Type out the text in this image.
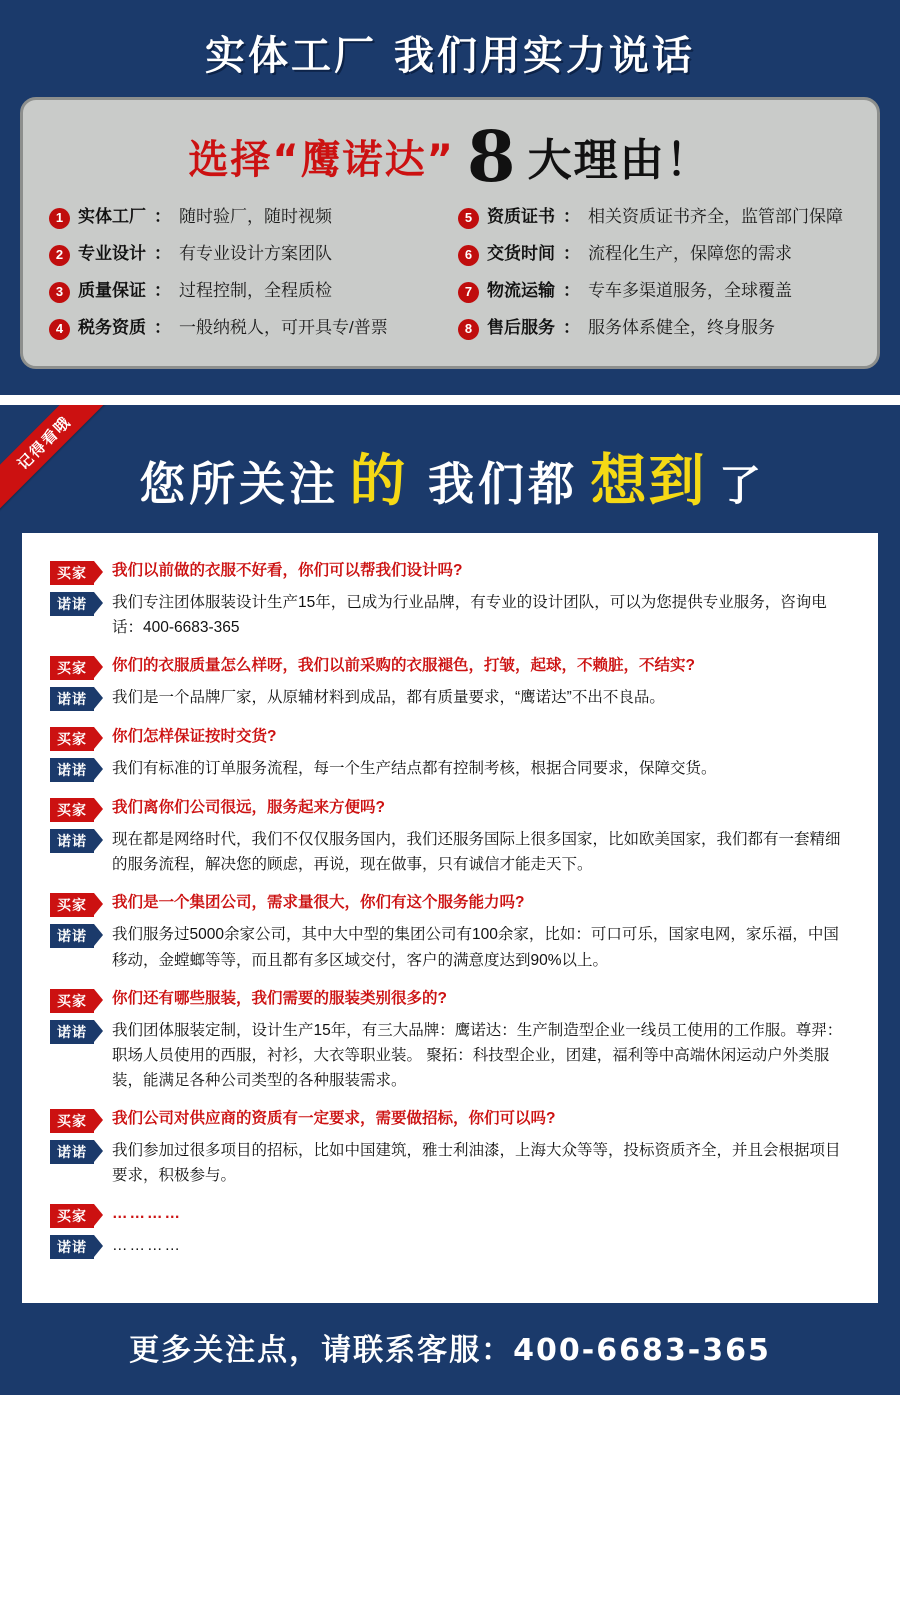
实体工厂 我们用实力说话
选择“鹰诺达” 8 大理由！
1 实体工厂 ： 随时验厂，随时视频	5 资质证书 ： 相关资质证书齐全，监管部门保障
2 专业设计 ： 有专业设计方案团队	6 交货时间 ： 流程化生产，保障您的需求
3 质量保证 ： 过程控制，全程质检	7 物流运输 ： 专车多渠道服务，全球覆盖
4 税务资质 ： 一般纳税人，可开具专/普票	8 售后服务 ： 服务体系健全，终身服务
记得看哦
您所关注 的 我们都 想到 了
买家	我们以前做的衣服不好看，你们可以帮我们设计吗?
诺诺	我们专注团体服装设计生产15年，已成为行业品牌，有专业的设计团队，可以为您提供专业服务，咨询电话：400-6683-365
买家	你们的衣服质量怎么样呀，我们以前采购的衣服褪色，打皱，起球，不赖脏，不结实?
诺诺	我们是一个品牌厂家，从原辅材料到成品，都有质量要求，“鹰诺达”不出不良品。
买家	你们怎样保证按时交货?
诺诺	我们有标准的订单服务流程，每一个生产结点都有控制考核，根据合同要求，保障交货。
买家	我们离你们公司很远，服务起来方便吗?
诺诺	现在都是网络时代，我们不仅仅服务国内，我们还服务国际上很多国家，比如欧美国家，我们都有一套精细的服务流程，解决您的顾虑，再说，现在做事，只有诚信才能走天下。
买家	我们是一个集团公司，需求量很大，你们有这个服务能力吗?
诺诺	我们服务过5000余家公司，其中大中型的集团公司有100余家，比如：可口可乐，国家电网，家乐福，中国移动，金螳螂等等，而且都有多区域交付，客户的满意度达到90%以上。
买家	你们还有哪些服装，我们需要的服装类别很多的?
诺诺	我们团体服装定制，设计生产15年，有三大品牌：鹰诺达：生产制造型企业一线员工使用的工作服。尊羿：职场人员使用的西服，衬衫，大衣等职业装。 聚拓：科技型企业，团建，福利等中高端休闲运动户外类服装，能满足各种公司类型的各种服装需求。
买家	我们公司对供应商的资质有一定要求，需要做招标，你们可以吗?
诺诺	我们参加过很多项目的招标，比如中国建筑，雅士利油漆，上海大众等等，投标资质齐全，并且会根据项目要求，积极参与。
买家	…………
诺诺	…………
更多关注点，请联系客服：400-6683-365
